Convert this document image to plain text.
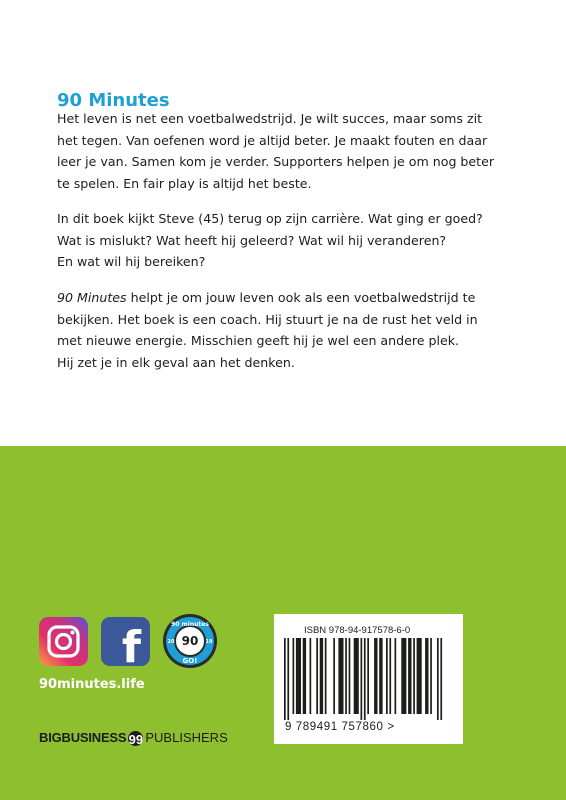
90 Minutes

Het leven is net een voetbalwedstrijd. Je wilt succes, maar soms zit
het tegen. Van oefenen word je altijd beter. Je maakt fouten en daar
leer je van. Samen kom je verder. Supporters helpen je om nog beter
te spelen. En fair play is altijd het beste.

In dit boek kijkt Steve (45) terug op zijn carrière. Wat ging er goed?
Wat is mislukt? Wat heeft hij geleerd? Wat wil hij veranderen?
En wat wil hij bereiken?

90 Minutes helpt je om jouw leven ook als een voetbalwedstrijd te
bekijken. Het boek is een coach. Hij stuurt je na de rust het veld in
met nieuwe energie. Misschien geeft hij je wel een andere plek.
Hij zet je in elk geval aan het denken.

f	90 minutes
90
20	19
GO!

90minutes.life

BIGBUSINESS 99 PUBLISHERS

ISBN 978-94-917578-6-0

9 789491 757860 >
